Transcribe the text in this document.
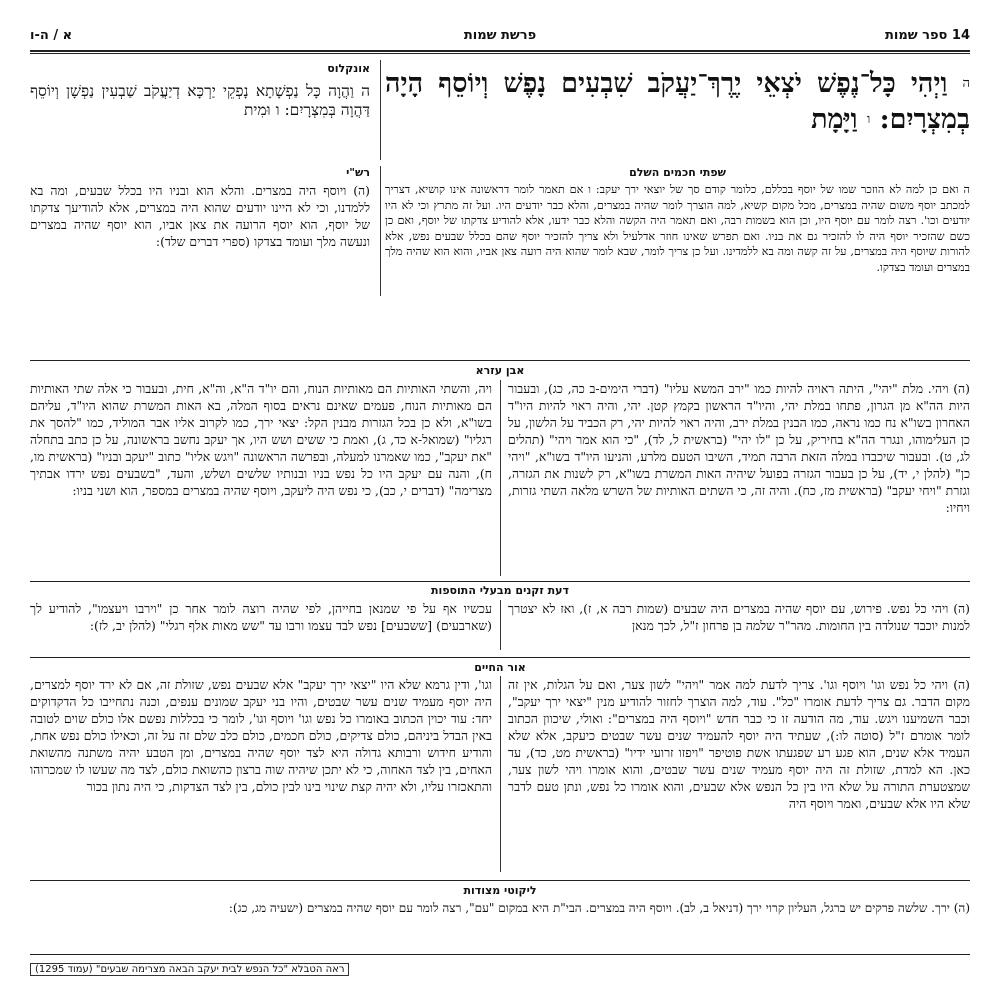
14 ספר שמות
פרשת שמות
א / ה-ו
$^ה$ וַיְהִי כָּל־נֶפֶשׁ יֹצְאֵי יֶרֶךְ־יַעֲקֹב שִׁבְעִים נָפֶשׁ וְיוֹסֵף הָיָה בְמִצְרָיִם: $^ו$ וַיָּמָת
אונקלוס
ה וַהֲוָה כָּל נַפְשָׁתָא נָפְקֵי יַרְכָּא דְיַעֲקֹב שַׁבְעִין נַפְשָׁן וְיוֹסֵף דַּהֲוָה בְּמִצְרָיִם: ו וּמִית
שפתי חכמים השלם
רש"י
ה ואם כן למה לא הוזכר שמו של יוסף בכללם, כלומר קודם סך של יוצאי ירך יעקב: ו אם תאמר לומר דראשונה אינו קושיא, דצריך למכתב יוסף משום שהיה במצרים, מכל מקום קשיא, למה הוצרך לומר שהיה במצרים, והלא כבר יודעים היו. ועל זה מתרץ וכי לא היו יודעים וכו'. רצה לומר עם יוסף היו, וכן הוא בשמות רבה, ואם תאמר היה הקשה והלא כבר ידעו, אלא להודיע צדקתו של יוסף, ואם כן כשם שהזכיר יוסף היה לו להזכיר גם את בניו. ואם תפרש שאינו חוזר אדלעיל ולא צריך להזכיר יוסף שהם בכלל שבעים נפש, אלא להורות שיוסף היה במצרים, על זה קשה ומה בא ללמדינו. ועל כן צריך לומר, שבא לומר שהוא היה רועה צאן אביו, והוא הוא שהיה מלך במצרים ועומד בצדקו.
(ה) ויוסף היה במצרים. והלא הוא ובניו היו בכלל שבעים, ומה בא ללמדנו, וכי לא היינו יודעים שהוא היה במצרים, אלא להודיעך צדקתו של יוסף, הוא יוסף הרועה את צאן אביו, הוא יוסף שהיה במצרים ונעשה מלך ועומד בצדקו (ספרי דברים שלד):
אבן עזרא
(ה) ויהי. מלת "יהי", היתה ראויה להיות כמו "ירב המשא עליו" (דברי הימים-ב כה, כג), ובעבור היות הה"א מן הגרון, פתחו במלת יהי, והיו"ד הראשון בקמץ קטן. יהי, והיה ראוי להיות היו"ד האחרון בשו"א נח כמו נראה, כמו הבנין במלת ירב, והיה ראוי להיות יהי, רק הכביד על הלשון, על כן העלימוהו, ונגרר הה"א בחיריק, על כן "לו יהי" (בראשית ל, לד), "כי הוא אמר ויהי" (תהלים לג, ט). ובעבור שיכבדו במלה הזאת הרבה תמיד, השיבו הטעם מלרע, והניעו היו"ד בשו"א, "ויהי כן" (להלן י, יד), על כן בעבור הגזרה בפועל שיהיה האות המשרת בשו"א, רק לשנות את הגזרה, וגזרת "ויחי יעקב" (בראשית מז, כח). והיה זה, כי השתים האותיות של השרש מלאה השתי גזרות, ויחיו:
ויה, והשתי האותיות הם מאותיות הנוח, והם יו"ד ה"א, וה"א, חית, ובעבור כי אלה שתי האותיות הם מאותיות הנוח, פעמים שאינם נראים בסוף המלה, בא האות המשרת שהוא היו"ד, עליהם בשו"א, ולא כן בכל הגזרות מבנין הקל: יצאי ירך, כמו לקרוב אליו אבר המוליד, כמו "להסך את רגליו" (שמואל-א כד, ג), ואמת כי ששים ושש היו, אך יעקב נחשב בראשונה, על כן כתב בתחלה "את יעקב", כמו שאמרנו למעלה, ובפרשה הראשונה "ויגש אליו" כתוב "יעקב ובניו" (בראשית מו, ח), והנה עם יעקב היו כל נפש בניו ובנותיו שלשים ושלש, והעד, "בשבעים נפש ירדו אבתיך מצרימה" (דברים י, כב), כי נפש היה ליעקב, ויוסף שהיה במצרים במספר, הוא ושני בניו:
דעת זקנים מבעלי התוספות
(ה) ויהי כל נפש. פירוש, עם יוסף שהיה במצרים היה שבעים (שמות רבה א, ז), ואז לא יצטרך למנות יוכבד שנולדה בין החומות. מהר"ר שלמה בן פרחון ז"ל, לכך מנאן
עכשיו אף על פי שמנאן בחייהן, לפי שהיה רוצה לומר אחר כן "וירבו ויעצמו", להודיע לך (שארבעים) [ששבעים] נפש לבד עצמו ורבו עד "שש מאות אלף רגלי" (להלן יב, לז):
אור החיים
(ה) ויהי כל נפש וגו' ויוסף וגו'. צריך לדעת למה אמר "ויהי" לשון צער, ואם על הגלות, אין זה מקום הדבר. גם צריך לדעת אומרו "כל". עוד, למה הוצרך לחזור להודיע מנין "יצאי ירך יעקב", וכבר השמיענו ויגש. עוד, מה הודעה זו כי כבר חדש "ויוסף היה במצרים": ואולי, שיכוון הכתוב לומר אומרם ז"ל (סוטה לו:), שעתיד היה יוסף להעמיד שנים עשר שבטים כיעקב, אלא שלא העמיד אלא שנים, הוא פגע רע שפגעתו אשת פוטיפר "ויפזו זרועי ידיו" (בראשית מט, כד), עד כאן. הא למדת, שזולת זה היה יוסף מעמיד שנים עשר שבטים, והוא אומרו ויהי לשון צער, שמצטערת התורה על שלא היו בין כל הנפש אלא שבעים, והוא אומרו כל נפש, ונתן טעם לדבר שלא היו אלא שבעים, ואמר ויוסף היה
וגו', ודין גרמא שלא היו "יצאי ירך יעקב" אלא שבעים נפש, שזולת זה, אם לא ירד יוסף למצרים, היה יוסף מעמיד שנים עשר שבטים, והיו בני יעקב שמונים ענפים, וכנה נתחייבו כל הדקדוקים יחד: עוד יכוין הכתוב באומרו כל נפש וגו' ויוסף וגו', לומר כי בכללות נפשם אלו כולם שוים לטובה באין הבדל ביניהם, כולם צדיקים, כולם חכמים, כולם כלב שלם זה על זה, וכאילו כולם נפש אחת, והודיע חידוש ורבותא גדולה היא לצד יוסף שהיה במצרים, ומן הטבע יהיה משתנה מהשואת האחים, בין לצד האחוה, כי לא יתכן שיהיה שוה ברצון כהשואת כולם, לצד מה שעשו לו שמכרוהו והתאכזרו עליו, ולא יהיה קצת שינוי בינו לבין כולם, בין לצד הצדקות, כי היה נתון בכור
ליקוטי מצודות
(ה) ירך. שלשה פרקים יש ברגל, העליון קרוי ירך (דניאל ב, לב). ויוסף היה במצרים. הבי"ת היא במקום "עם", רצה לומר עם יוסף שהיה במצרים (ישעיה מג, כג):
ראה הטבלא "כל הנפש לבית יעקב הבאה מצרימה שבעים" (עמוד 1295)
